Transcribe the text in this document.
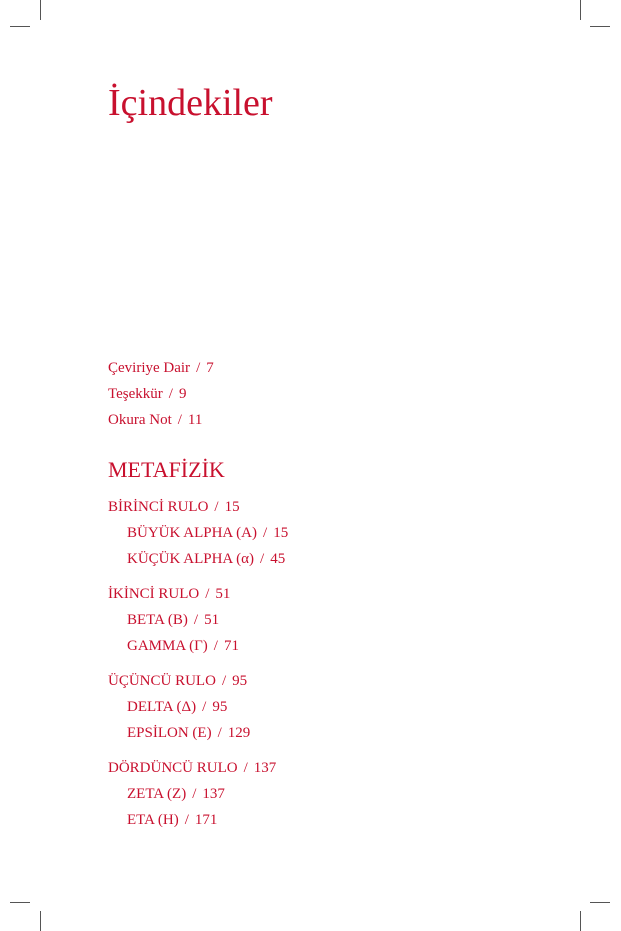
İçindekiler
Çeviriye Dair / 7
Teşekkür / 9
Okura Not / 11
METAFİZİK
BİRİNCİ RULO / 15
BÜYÜK ALPHA (Α) / 15
KÜÇÜK ALPHA (α) / 45
İKİNCİ RULO / 51
BETA (Β) / 51
GAMMA (Γ) / 71
ÜÇÜNCÜ RULO / 95
DELTA (Δ) / 95
EPSİLON (Ε) / 129
DÖRDÜNCÜ RULO / 137
ZETA (Ζ) / 137
ETA (Η) / 171
